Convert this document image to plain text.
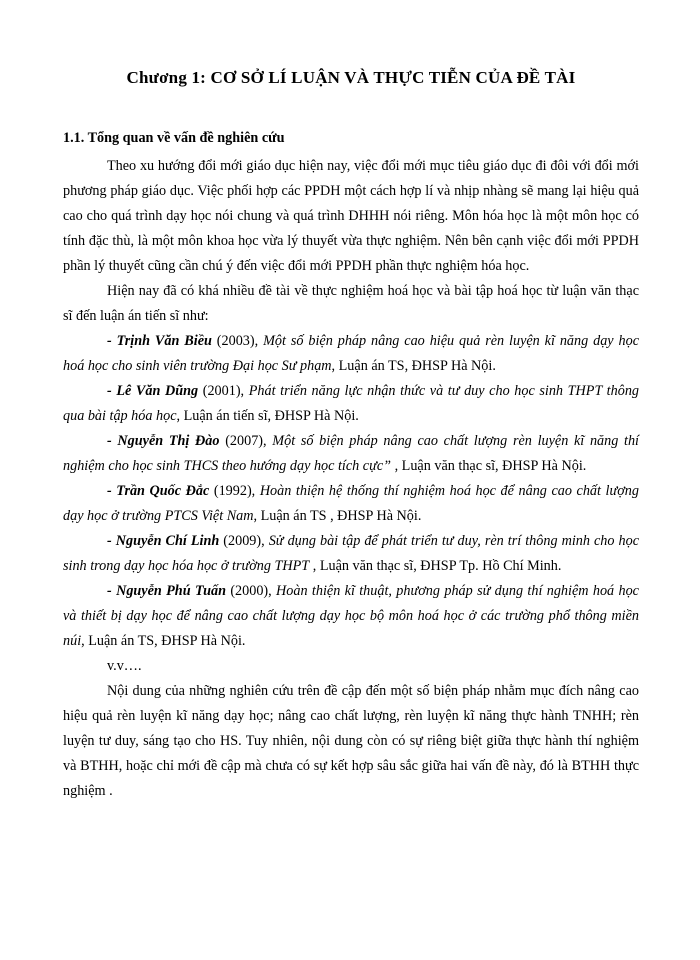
Chương 1: CƠ SỞ LÍ LUẬN VÀ THỰC TIỄN CỦA ĐỀ TÀI
1.1. Tổng quan về vấn đề nghiên cứu

Theo xu hướng đổi mới giáo dục hiện nay, việc đổi mới mục tiêu giáo dục đi đôi với đổi mới phương pháp giáo dục. Việc phối hợp các PPDH một cách hợp lí và nhịp nhàng sẽ mang lại hiệu quả cao cho quá trình dạy học nói chung và quá trình DHHH nói riêng. Môn hóa học là một môn học có tính đặc thù, là một môn khoa học vừa lý thuyết vừa thực nghiệm. Nên bên cạnh việc đổi mới PPDH phần lý thuyết cũng cần chú ý đến việc đổi mới PPDH phần thực nghiệm hóa học.

Hiện nay đã có khá nhiều đề tài về thực nghiệm hoá học và bài tập hoá học từ luận văn thạc sĩ đến luận án tiến sĩ như:

- Trịnh Văn Biều (2003), Một số biện pháp nâng cao hiệu quả rèn luyện kĩ năng dạy học hoá học cho sinh viên trường Đại học Sư phạm, Luận án TS, ĐHSP Hà Nội.

- Lê Văn Dũng (2001), Phát triển năng lực nhận thức và tư duy cho học sinh THPT thông qua bài tập hóa học, Luận án tiến sĩ, ĐHSP Hà Nội.

- Nguyễn Thị Đào (2007), Một số biện pháp nâng cao chất lượng rèn luyện kĩ năng thí nghiệm cho học sinh THCS theo hướng dạy học tích cực” , Luận văn thạc sĩ, ĐHSP Hà Nội.

- Trần Quốc Đắc (1992), Hoàn thiện hệ thống thí nghiệm hoá học để nâng cao chất lượng dạy học ở trường PTCS Việt Nam, Luận án TS , ĐHSP Hà Nội.

- Nguyễn Chí Linh (2009), Sử dụng bài tập để phát triển tư duy, rèn trí thông minh cho học sinh trong dạy học hóa học ở trường THPT , Luận văn thạc sĩ, ĐHSP Tp. Hồ Chí Minh.

- Nguyễn Phú Tuấn (2000), Hoàn thiện kĩ thuật, phương pháp sử dụng thí nghiệm hoá học và thiết bị dạy học để nâng cao chất lượng dạy học bộ môn hoá học ở các trường phổ thông miền núi, Luận án TS, ĐHSP Hà Nội.

v.v….

Nội dung của những nghiên cứu trên đề cập đến một số biện pháp nhằm mục đích nâng cao hiệu quả rèn luyện kĩ năng dạy học; nâng cao chất lượng, rèn luyện kĩ năng thực hành TNHH; rèn luyện tư duy, sáng tạo cho HS. Tuy nhiên, nội dung còn có sự riêng biệt giữa thực hành thí nghiệm và BTHH, hoặc chỉ mới đề cập mà chưa có sự kết hợp sâu sắc giữa hai vấn đề này, đó là BTHH thực nghiệm .
